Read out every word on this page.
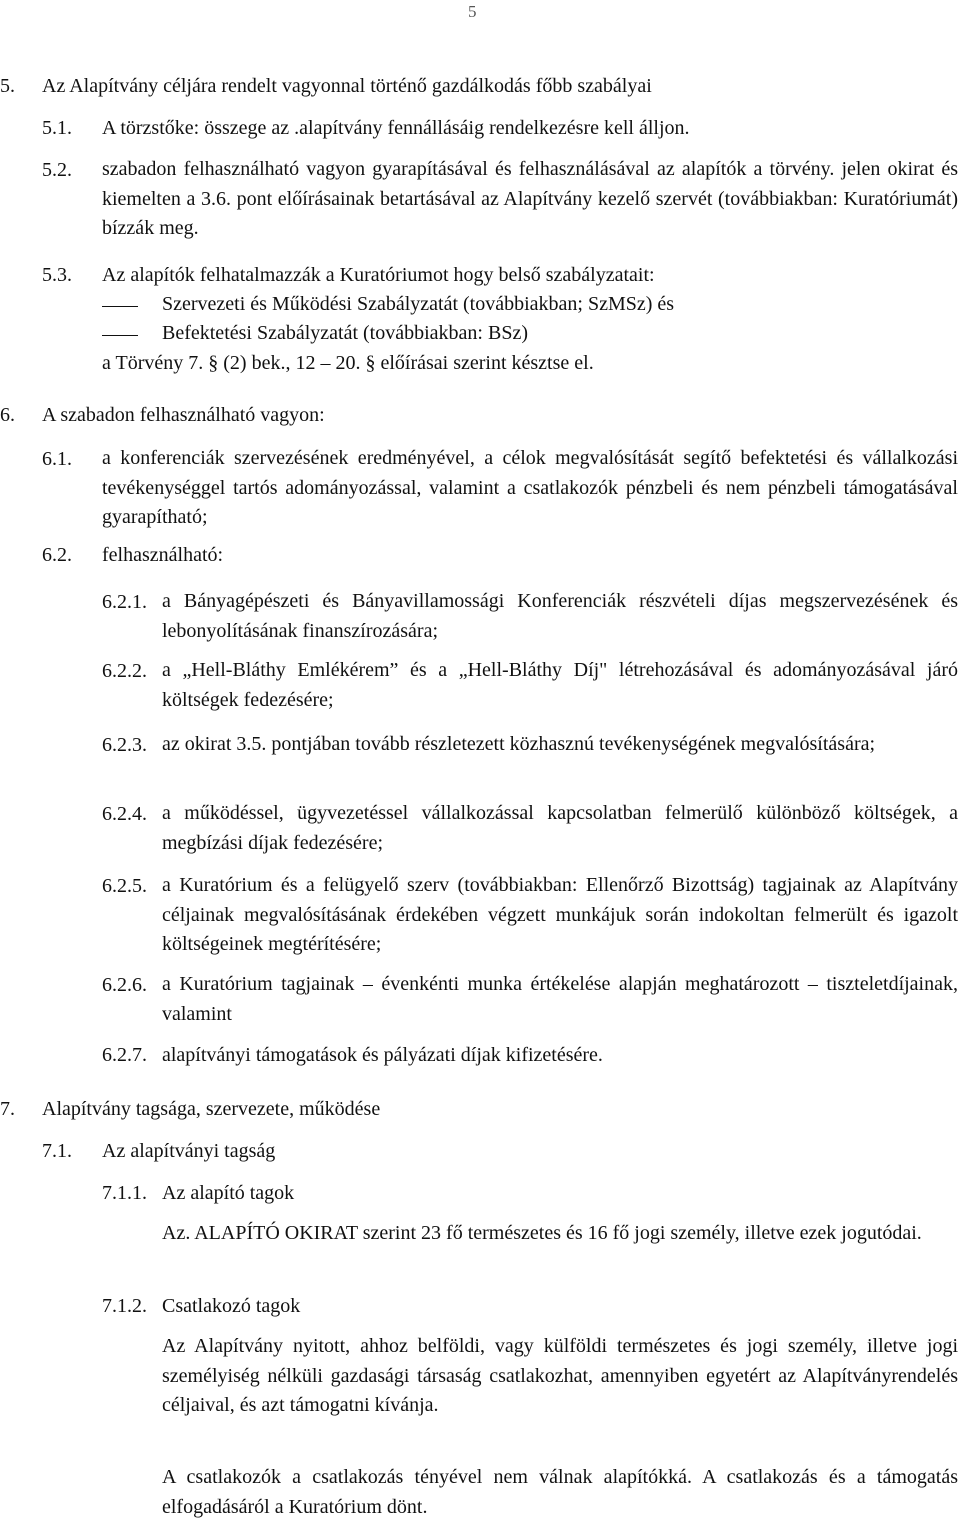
5
5. Az Alapítvány céljára rendelt vagyonnal történő gazdálkodás főbb szabályai
5.1. A törzstőke: összege az .alapítvány fennállásáig rendelkezésre kell álljon.
5.2. szabadon felhasználható vagyon gyarapításával és felhasználásával az alapítók a törvény. jelen okirat és kiemelten a 3.6. pont előírásainak betartásával az Alapítvány kezelő szervét (továbbiakban: Kuratóriumát) bízzák meg.
5.3. Az alapítók felhatalmazzák a Kuratóriumot hogy belső szabályzatait:
Szervezeti és Működési Szabályzatát (továbbiakban; SzMSz) és
Befektetési Szabályzatát (továbbiakban: BSz)
a Törvény 7. § (2) bek., 12 – 20. § előírásai szerint késztse el.
6. A szabadon felhasználható vagyon:
6.1. a konferenciák szervezésének eredményével, a célok megvalósítását segítő befektetési és vállalkozási tevékenységgel tartós adományozással, valamint a csatlakozók pénzbeli és nem pénzbeli támogatásával gyarapítható;
6.2. felhasználható:
6.2.1. a Bányagépészeti és Bányavillamossági Konferenciák részvételi díjas megszervezésének és lebonyolításának finanszírozására;
6.2.2. a „Hell-Bláthy Emlékérem” és a „Hell-Bláthy Díj" létrehozásával és adományozásával járó költségek fedezésére;
6.2.3. az okirat 3.5. pontjában tovább részletezett közhasznú tevékenységének megvalósítására;
6.2.4. a működéssel, ügyvezetéssel vállalkozással kapcsolatban felmerülő különböző költségek, a megbízási díjak fedezésére;
6.2.5. a Kuratórium és a felügyelő szerv (továbbiakban: Ellenőrző Bizottság) tagjainak az Alapítvány céljainak megvalósításának érdekében végzett munkájuk során indokoltan felmerült és igazolt költségeinek megtérítésére;
6.2.6. a Kuratórium tagjainak – évenkénti munka értékelése alapján meghatározott – tiszteletdíjainak, valamint
6.2.7. alapítványi támogatások és pályázati díjak kifizetésére.
7. Alapítvány tagsága, szervezete, működése
7.1. Az alapítványi tagság
7.1.1. Az alapító tagok
Az. ALAPÍTÓ OKIRAT szerint 23 fő természetes és 16 fő jogi személy, illetve ezek jogutódai.
7.1.2. Csatlakozó tagok
Az Alapítvány nyitott, ahhoz belföldi, vagy külföldi természetes és jogi személy, illetve jogi személyiség nélküli gazdasági társaság csatlakozhat, amennyiben egyetért az Alapítványrendelés céljaival, és azt támogatni kívánja.
A csatlakozók a csatlakozás tényével nem válnak alapítókká. A csatlakozás és a támogatás elfogadásáról a Kuratórium dönt.
